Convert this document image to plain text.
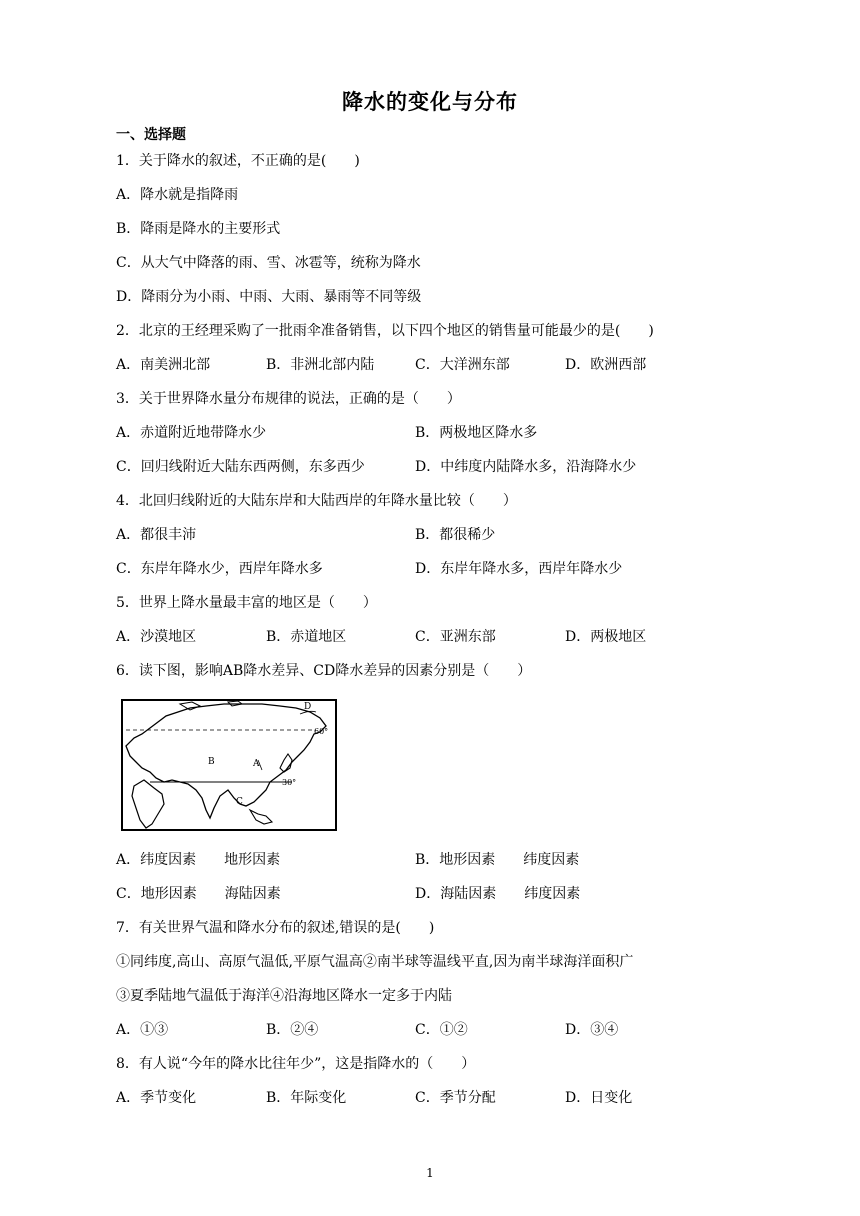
降水的变化与分布
一、选择题
1．关于降水的叙述，不正确的是(　　)
A．降水就是指降雨
B．降雨是降水的主要形式
C．从大气中降落的雨、雪、冰雹等，统称为降水
D．降雨分为小雨、中雨、大雨、暴雨等不同等级
2．北京的王经理采购了一批雨伞准备销售，以下四个地区的销售量可能最少的是(　　)
A．南美洲北部	B．非洲北部内陆	C．大洋洲东部	D．欧洲西部
3．关于世界降水量分布规律的说法，正确的是（　　）
A．赤道附近地带降水少	B．两极地区降水多
C．回归线附近大陆东西两侧，东多西少	D．中纬度内陆降水多，沿海降水少
4．北回归线附近的大陆东岸和大陆西岸的年降水量比较（　　）
A．都很丰沛	B．都很稀少
C．东岸年降水少，西岸年降水多	D．东岸年降水多，西岸年降水少
5．世界上降水量最丰富的地区是（　　）
A．沙漠地区	B．赤道地区	C．亚洲东部	D．两极地区
6．读下图，影响AB降水差异、CD降水差异的因素分别是（　　）
D
60°
B	A
30°
C
A．纬度因素　　地形因素	B．地形因素　　纬度因素
C．地形因素　　海陆因素	D．海陆因素　　纬度因素
7．有关世界气温和降水分布的叙述,错误的是(　　)
①同纬度,高山、高原气温低,平原气温高②南半球等温线平直,因为南半球海洋面积广
③夏季陆地气温低于海洋④沿海地区降水一定多于内陆
A．①③	B．②④	C．①②	D．③④
8．有人说“今年的降水比往年少”，这是指降水的（　　）
A．季节变化	B．年际变化	C．季节分配	D．日变化
1
